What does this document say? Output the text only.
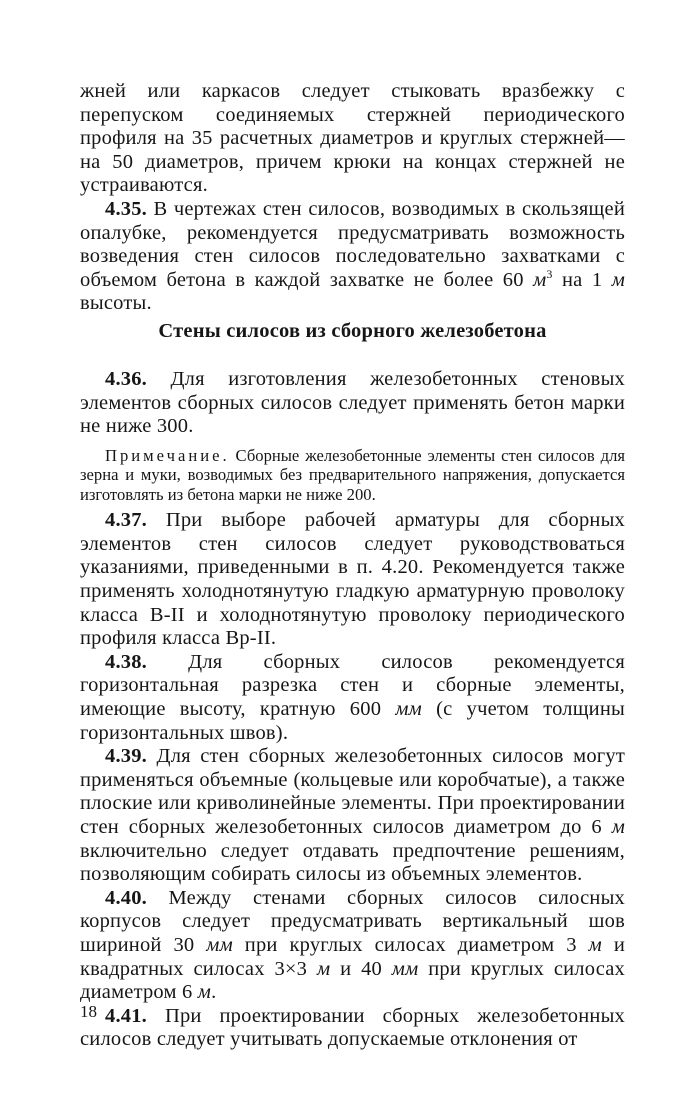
жней или каркасов следует стыковать вразбежку с перепуском соединяемых стержней периодического профиля на 35 расчетных диаметров и круглых стержней— на 50 диаметров, причем крюки на концах стержней не устраиваются.

4.35. В чертежах стен силосов, возводимых в скользящей опалубке, рекомендуется предусматривать возможность возведения стен силосов последовательно захватками с объемом бетона в каждой захватке не более 60 $м^3$ на 1 м высоты.

Стены силосов из сборного железобетона

4.36. Для изготовления железобетонных стеновых элементов сборных силосов следует применять бетон марки не ниже 300.

Примечание. Сборные железобетонные элементы стен силосов для зерна и муки, возводимых без предварительного напряжения, допускается изготовлять из бетона марки не ниже 200.

4.37. При выборе рабочей арматуры для сборных элементов стен силосов следует руководствоваться указаниями, приведенными в п. 4.20. Рекомендуется также применять холоднотянутую гладкую арматурную проволоку класса В-II и холоднотянутую проволоку периодического профиля класса Вр-II.

4.38. Для сборных силосов рекомендуется горизонтальная разрезка стен и сборные элементы, имеющие высоту, кратную 600 мм (с учетом толщины горизонтальных швов).

4.39. Для стен сборных железобетонных силосов могут применяться объемные (кольцевые или коробчатые), а также плоские или криволинейные элементы. При проектировании стен сборных железобетонных силосов диаметром до 6 м включительно следует отдавать предпочтение решениям, позволяющим собирать силосы из объемных элементов.

4.40. Между стенами сборных силосов силосных корпусов следует предусматривать вертикальный шов шириной 30 мм при круглых силосах диаметром 3 м и квадратных силосах 3×3 м и 40 мм при круглых силосах диаметром 6 м.

4.41. При проектировании сборных железобетонных силосов следует учитывать допускаемые отклонения от

18
